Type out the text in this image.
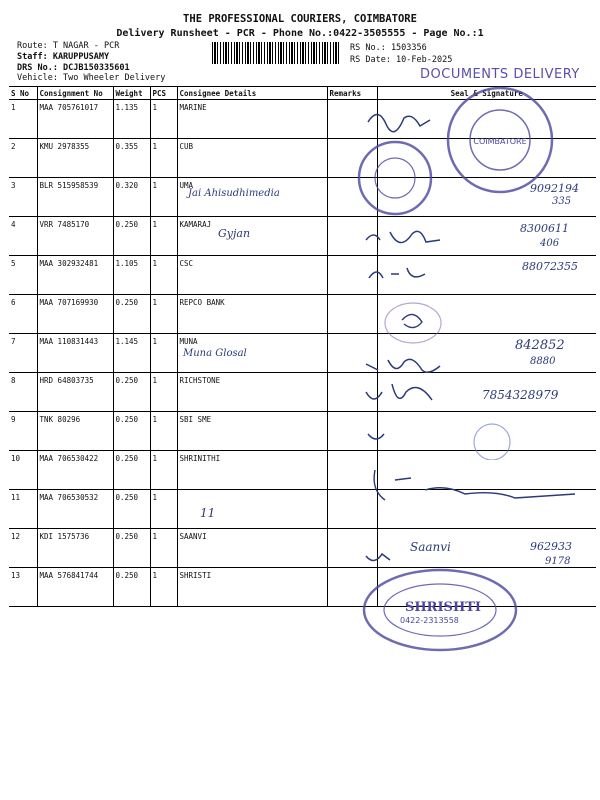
THE PROFESSIONAL COURIERS, COIMBATORE
Delivery Runsheet - PCR - Phone No.:0422-3505555 - Page No.:1
Route: T NAGAR - PCR
Staff: KARUPPUSAMY
DRS No.: DCJB150335601
Vehicle: Two Wheeler Delivery
RS No.: 1503356
RS Date: 10-Feb-2025
DOCUMENTS DELIVERY
S No	Consignment No	Weight	PCS	Consignee Details	Remarks	Seal & Signature
1	MAA 705761017	1.135	1	MARINE		
2	KMU 2978355	0.355	1	CUB		
3	BLR 515958539	0.320	1	UMA		
4	VRR 7485170	0.250	1	KAMARAJ		
5	MAA 302932481	1.105	1	CSC		
6	MAA 707169930	0.250	1	REPCO BANK		
7	MAA 110831443	1.145	1	MUNA		
8	HRD 64803735	0.250	1	RICHSTONE		
9	TNK 80296	0.250	1	SBI SME		
10	MAA 706530422	0.250	1	SHRINITHI		
11	MAA 706530532	0.250	1			
12	KDI 1575736	0.250	1	SAANVI		
13	MAA 576841744	0.250	1	SHRISTI		
COIMBATORE
SHRISHTI
0422-2313558
Jai Ahisudhimedia	9092194
335
Gyjan	8300611
406
88072355
Muna Glosal
842852
8880
7854328979
11
Saanvi	962933
9178
